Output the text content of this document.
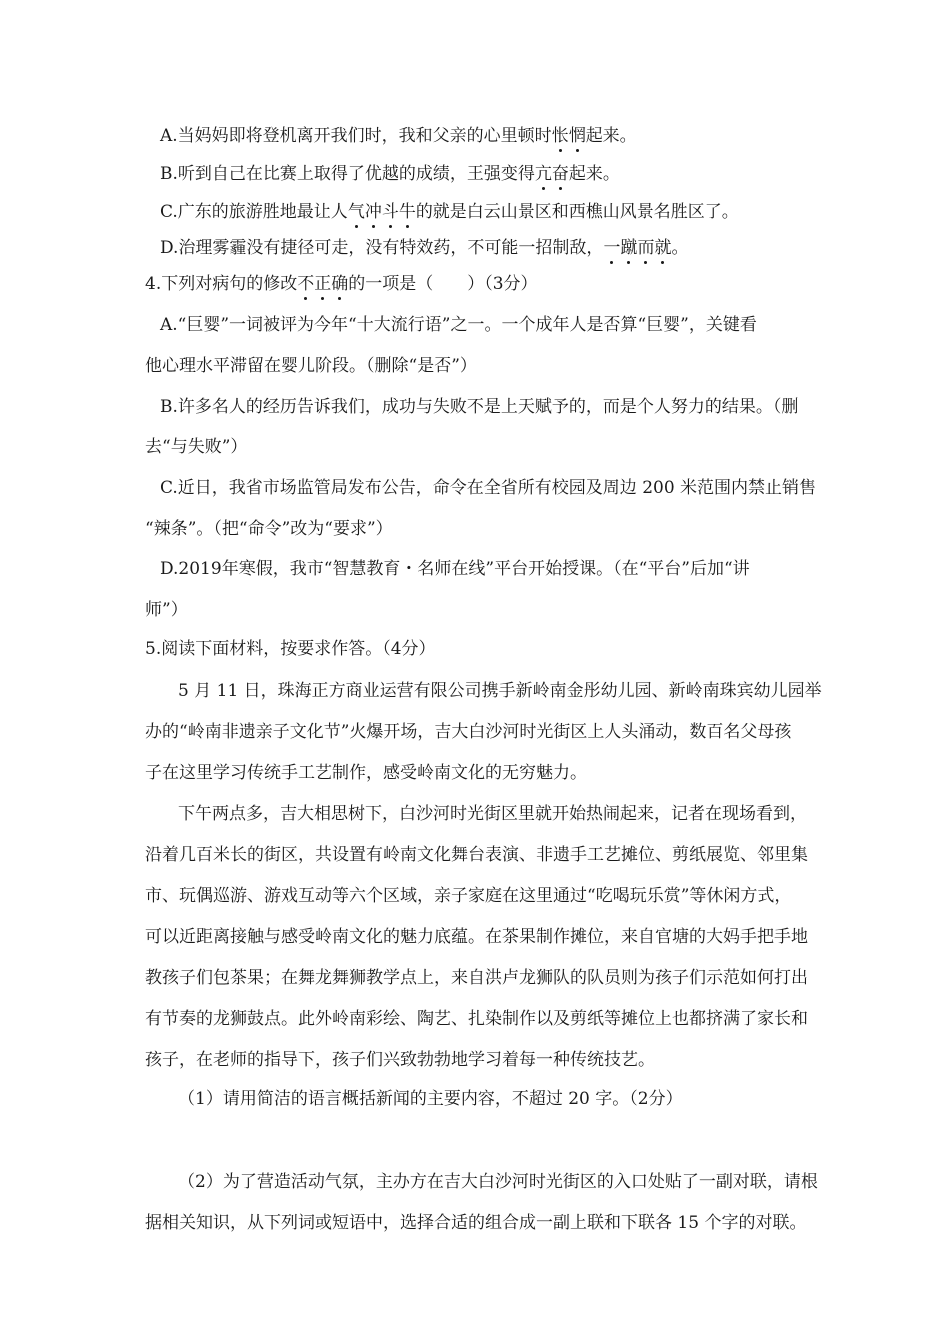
A.当妈妈即将登机离开我们时，我和父亲的心里顿时怅惘起来。
B.听到自己在比赛上取得了优越的成绩，王强变得亢奋起来。
C.广东的旅游胜地最让人气冲斗牛的就是白云山景区和西樵山风景名胜区了。
D.治理雾霾没有捷径可走，没有特效药，不可能一招制敌，一蹴而就。
4.下列对病句的修改不正确的一项是（　　）（3分）
A.“巨婴”一词被评为今年“十大流行语”之一。一个成年人是否算“巨婴”，关键看
他心理水平滞留在婴儿阶段。（删除“是否”）
B.许多名人的经历告诉我们，成功与失败不是上天赋予的，而是个人努力的结果。（删
去“与失败”）
C.近日，我省市场监管局发布公告，命令在全省所有校园及周边 200 米范围内禁止销售
“辣条”。（把“命令”改为“要求”）
D.2019年寒假，我市“智慧教育・名师在线”平台开始授课。（在“平台”后加“讲
师”）
5.阅读下面材料，按要求作答。（4分）
5 月 11 日，珠海正方商业运营有限公司携手新岭南金彤幼儿园、新岭南珠宾幼儿园举
办的“岭南非遗亲子文化节”火爆开场，吉大白沙河时光街区上人头涌动，数百名父母孩
子在这里学习传统手工艺制作，感受岭南文化的无穷魅力。
下午两点多，吉大相思树下，白沙河时光街区里就开始热闹起来，记者在现场看到，
沿着几百米长的街区，共设置有岭南文化舞台表演、非遗手工艺摊位、剪纸展览、邻里集
市、玩偶巡游、游戏互动等六个区域，亲子家庭在这里通过“吃喝玩乐赏”等休闲方式，
可以近距离接触与感受岭南文化的魅力底蕴。在茶果制作摊位，来自官塘的大妈手把手地
教孩子们包茶果；在舞龙舞狮教学点上，来自洪卢龙狮队的队员则为孩子们示范如何打出
有节奏的龙狮鼓点。此外岭南彩绘、陶艺、扎染制作以及剪纸等摊位上也都挤满了家长和
孩子，在老师的指导下，孩子们兴致勃勃地学习着每一种传统技艺。
（1）请用简洁的语言概括新闻的主要内容，不超过 20 字。（2分）
（2）为了营造活动气氛，主办方在吉大白沙河时光街区的入口处贴了一副对联，请根
据相关知识，从下列词或短语中，选择合适的组合成一副上联和下联各 15 个字的对联。
